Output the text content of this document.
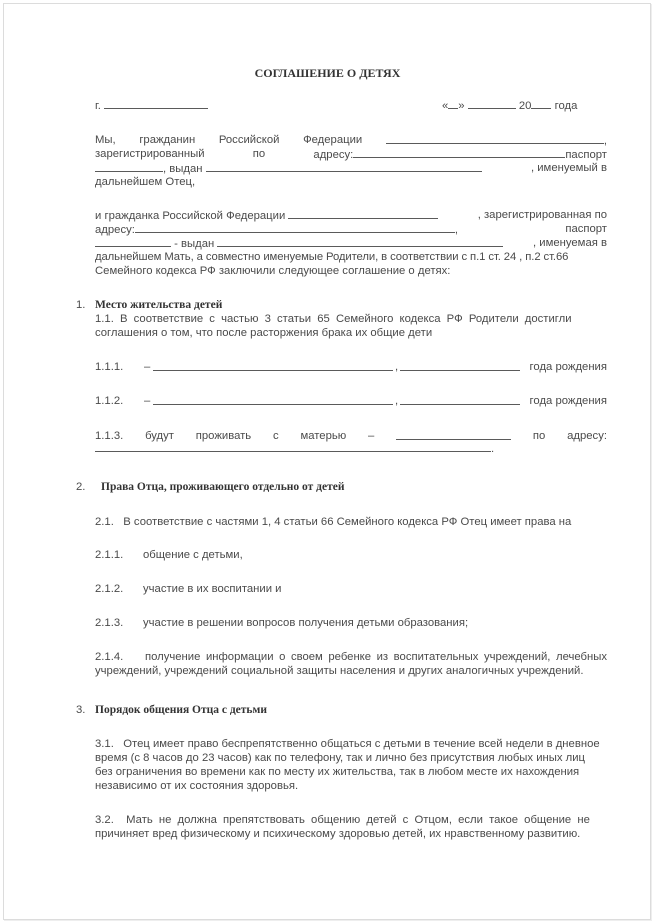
СОГЛАШЕНИЕ О ДЕТЯХ
г.	« »	20 года
Мы, гражданин Российской Федерации	,
зарегистрированный	по	адресу:	паспорт
, выдан	, именуемый в
дальнейшем Отец,
и гражданка Российской Федерации	, зарегистрированная по
адресу:	,	паспорт
- выдан	, именуемая в
дальнейшем Мать, а совместно именуемые Родители, в соответствии с п.1 ст. 24 , п.2 ст.66
Семейного кодекса РФ заключили следующее соглашение о детях:
1. Место жительства детей
1.1. В соответствие с частью 3 статьи 65 Семейного кодекса РФ Родители достигли
соглашения о том, что после расторжения брака их общие дети
1.1.1. –	,	года рождения
1.1.2. –	,	года рождения
1.1.3. будут проживать с матерью –	по адресу:
.
2. Права Отца, проживающего отдельно от детей
2.1.   В соответствие с частями 1, 4 статьи 66 Семейного кодекса РФ Отец имеет права на
2.1.1. общение с детьми,
2.1.2. участие в их воспитании и
2.1.3. участие в решении вопросов получения детьми образования;
2.1.4. получение информации о своем ребенке из воспитательных учреждений, лечебных
учреждений, учреждений социальной защиты населения и других аналогичных учреждений.
3. Порядок общения Отца с детьми
3.1.   Отец имеет право беспрепятственно общаться с детьми в течение всей недели в дневное
время (с 8 часов до 23 часов) как по телефону, так и лично без присутствия любых иных лиц
без ограничения во времени как по месту их жительства, так в любом месте их нахождения
независимо от их состояния здоровья.
3.2.  Мать не должна препятствовать общению детей с Отцом, если такое общение не
причиняет вред физическому и психическому здоровью детей, их нравственному развитию.
